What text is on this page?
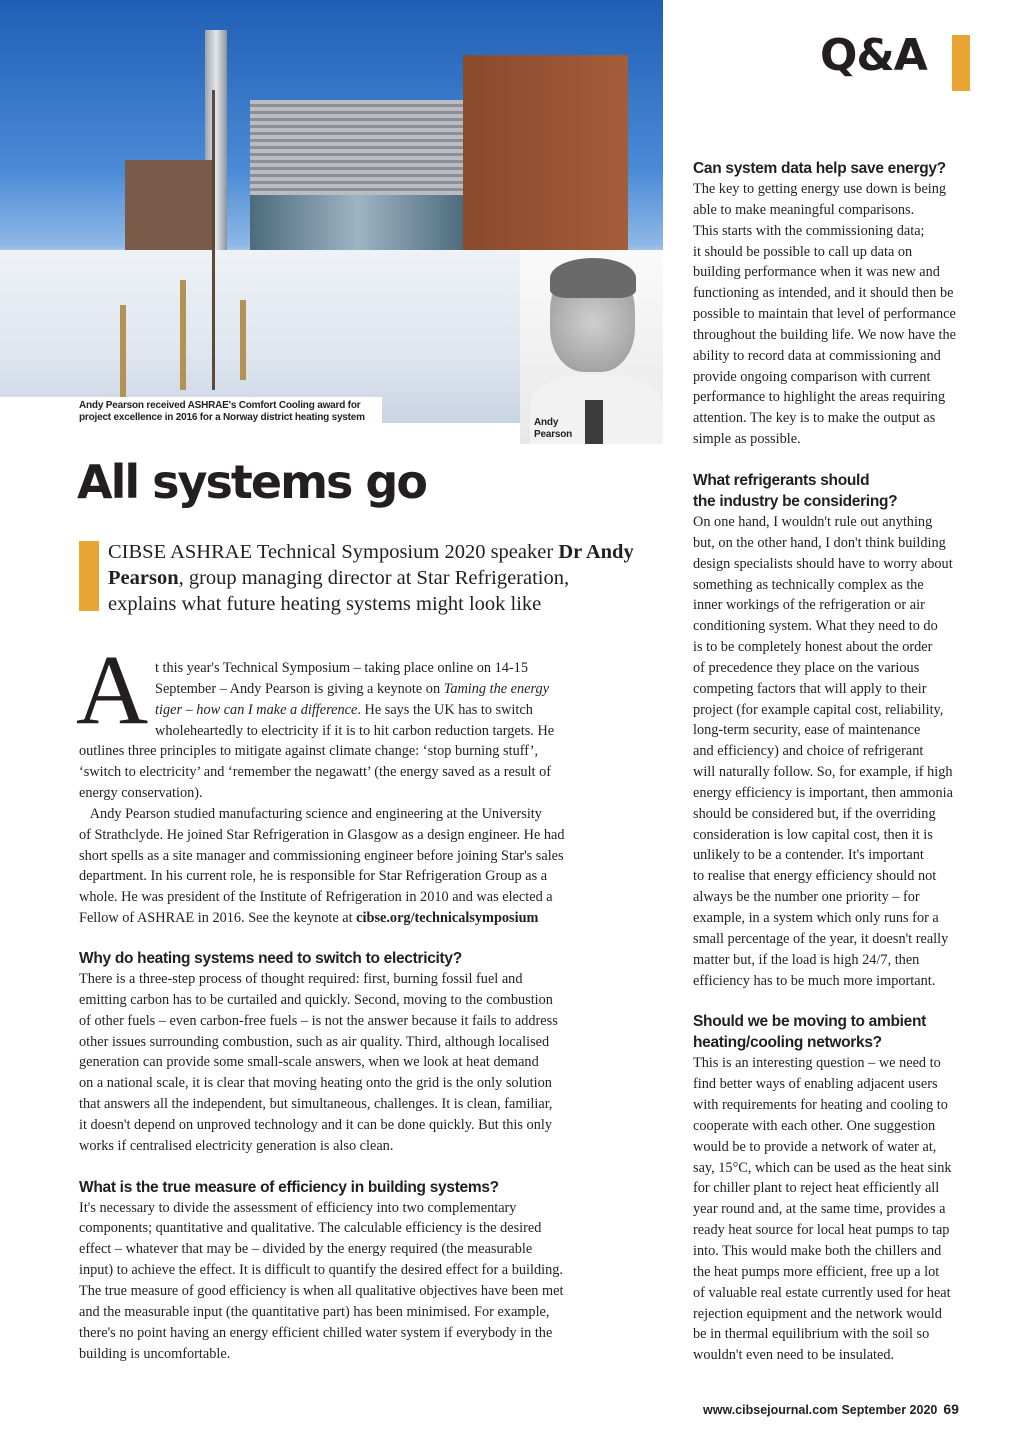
Andy
Pearson
Andy Pearson received ASHRAE's Comfort Cooling award for
project excellence in 2016 for a Norway district heating system
Q&A
All systems go
CIBSE ASHRAE Technical Symposium 2020 speaker Dr Andy
Pearson, group managing director at Star Refrigeration,
explains what future heating systems might look like
A t this year's Technical Symposium – taking place online on 14-15
September – Andy Pearson is giving a keynote on Taming the energy
tiger – how can I make a difference. He says the UK has to switch
wholeheartedly to electricity if it is to hit carbon reduction targets. He
outlines three principles to mitigate against climate change: ‘stop burning stuff’,
‘switch to electricity’ and ‘remember the negawatt’ (the energy saved as a result of
energy conservation).
Andy Pearson studied manufacturing science and engineering at the University
of Strathclyde. He joined Star Refrigeration in Glasgow as a design engineer. He had
short spells as a site manager and commissioning engineer before joining Star's sales
department. In his current role, he is responsible for Star Refrigeration Group as a
whole. He was president of the Institute of Refrigeration in 2010 and was elected a
Fellow of ASHRAE in 2016. See the keynote at cibse.org/technicalsymposium
Why do heating systems need to switch to electricity?
There is a three-step process of thought required: first, burning fossil fuel and
emitting carbon has to be curtailed and quickly. Second, moving to the combustion
of other fuels – even carbon-free fuels – is not the answer because it fails to address
other issues surrounding combustion, such as air quality. Third, although localised
generation can provide some small-scale answers, when we look at heat demand
on a national scale, it is clear that moving heating onto the grid is the only solution
that answers all the independent, but simultaneous, challenges. It is clean, familiar,
it doesn't depend on unproved technology and it can be done quickly. But this only
works if centralised electricity generation is also clean.
What is the true measure of efficiency in building systems?
It's necessary to divide the assessment of efficiency into two complementary
components; quantitative and qualitative. The calculable efficiency is the desired
effect – whatever that may be – divided by the energy required (the measurable
input) to achieve the effect. It is difficult to quantify the desired effect for a building.
The true measure of good efficiency is when all qualitative objectives have been met
and the measurable input (the quantitative part) has been minimised. For example,
there's no point having an energy efficient chilled water system if everybody in the
building is uncomfortable.
Can system data help save energy?
The key to getting energy use down is being
able to make meaningful comparisons.
This starts with the commissioning data;
it should be possible to call up data on
building performance when it was new and
functioning as intended, and it should then be
possible to maintain that level of performance
throughout the building life. We now have the
ability to record data at commissioning and
provide ongoing comparison with current
performance to highlight the areas requiring
attention. The key is to make the output as
simple as possible.
What refrigerants should
the industry be considering?
On one hand, I wouldn't rule out anything
but, on the other hand, I don't think building
design specialists should have to worry about
something as technically complex as the
inner workings of the refrigeration or air
conditioning system. What they need to do
is to be completely honest about the order
of precedence they place on the various
competing factors that will apply to their
project (for example capital cost, reliability,
long-term security, ease of maintenance
and efficiency) and choice of refrigerant
will naturally follow. So, for example, if high
energy efficiency is important, then ammonia
should be considered but, if the overriding
consideration is low capital cost, then it is
unlikely to be a contender. It's important
to realise that energy efficiency should not
always be the number one priority – for
example, in a system which only runs for a
small percentage of the year, it doesn't really
matter but, if the load is high 24/7, then
efficiency has to be much more important.
Should we be moving to ambient
heating/cooling networks?
This is an interesting question – we need to
find better ways of enabling adjacent users
with requirements for heating and cooling to
cooperate with each other. One suggestion
would be to provide a network of water at,
say, 15°C, which can be used as the heat sink
for chiller plant to reject heat efficiently all
year round and, at the same time, provides a
ready heat source for local heat pumps to tap
into. This would make both the chillers and
the heat pumps more efficient, free up a lot
of valuable real estate currently used for heat
rejection equipment and the network would
be in thermal equilibrium with the soil so
wouldn't even need to be insulated.
www.cibsejournal.com September 2020 69
